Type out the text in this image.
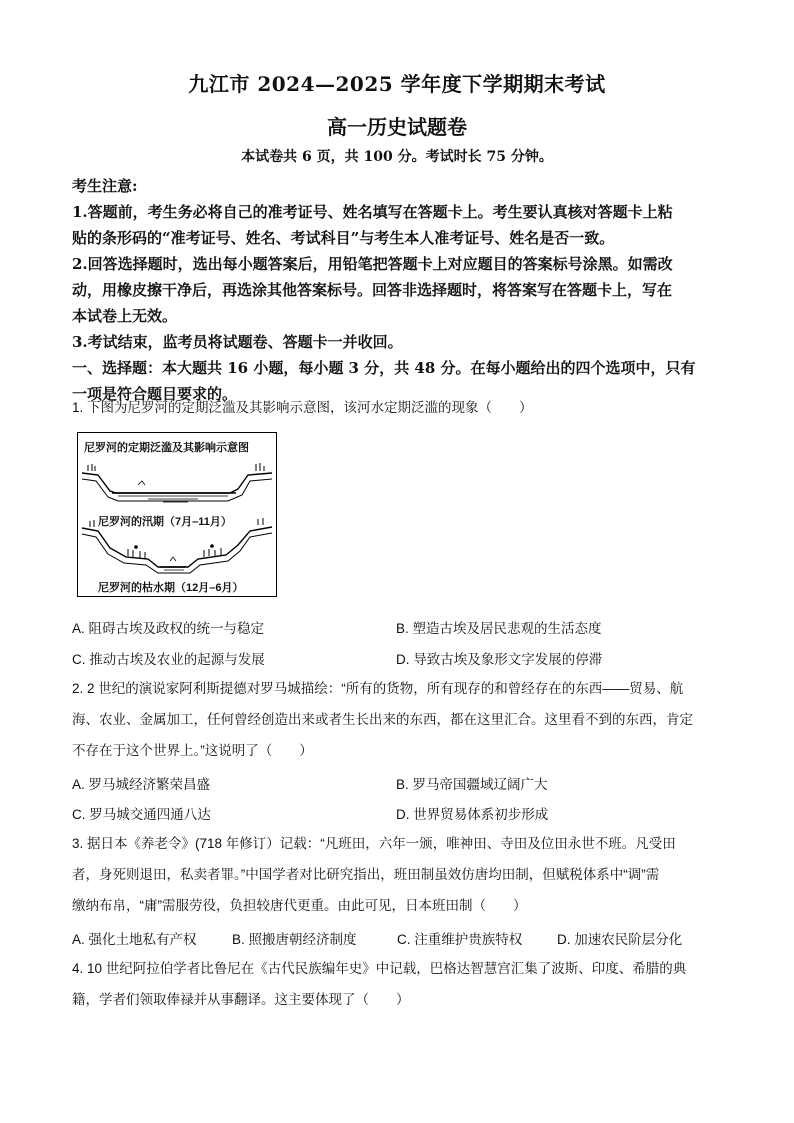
九江市 2024—2025 学年度下学期期末考试
高一历史试题卷
本试卷共 6 页，共 100 分。考试时长 75 分钟。
考生注意:
1.答题前，考生务必将自己的准考证号、姓名填写在答题卡上。考生要认真核对答题卡上粘
贴的条形码的“准考证号、姓名、考试科目”与考生本人准考证号、姓名是否一致。
2.回答选择题时，选出每小题答案后，用铅笔把答题卡上对应题目的答案标号涂黑。如需改
动，用橡皮擦干净后，再选涂其他答案标号。回答非选择题时，将答案写在答题卡上，写在
本试卷上无效。
3.考试结束，监考员将试题卷、答题卡一并收回。
一、选择题：本大题共 16 小题，每小题 3 分，共 48 分。在每小题给出的四个选项中，只有
一项是符合题目要求的。
1. 下图为尼罗河的定期泛滥及其影响示意图，该河水定期泛滥的现象（　　）
尼罗河的定期泛滥及其影响示意图
尼罗河的汛期（7月–11月）
尼罗河的枯水期（12月–6月）
A. 阻碍古埃及政权的统一与稳定	B. 塑造古埃及居民悲观的生活态度
C. 推动古埃及农业的起源与发展	D. 导致古埃及象形文字发展的停滞
2. 2 世纪的演说家阿利斯提德对罗马城描绘：“所有的货物，所有现存的和曾经存在的东西——贸易、航
海、农业、金属加工，任何曾经创造出来或者生长出来的东西，都在这里汇合。这里看不到的东西，肯定
不存在于这个世界上。”这说明了（　　）
A. 罗马城经济繁荣昌盛	B. 罗马帝国疆域辽阔广大
C. 罗马城交通四通八达	D. 世界贸易体系初步形成
3. 据日本《养老令》(718 年修订）记载：“凡班田，六年一颁，唯神田、寺田及位田永世不班。凡受田
者，身死则退田，私卖者罪。”中国学者对比研究指出，班田制虽效仿唐均田制，但赋税体系中“调”需
缴纳布帛，“庸”需服劳役，负担较唐代更重。由此可见，日本班田制（　　）
A. 强化土地私有产权	B. 照搬唐朝经济制度	C. 注重维护贵族特权	D. 加速农民阶层分化
4. 10 世纪阿拉伯学者比鲁尼在《古代民族编年史》中记载，巴格达智慧宫汇集了波斯、印度、希腊的典
籍，学者们领取俸禄并从事翻译。这主要体现了（　　）
